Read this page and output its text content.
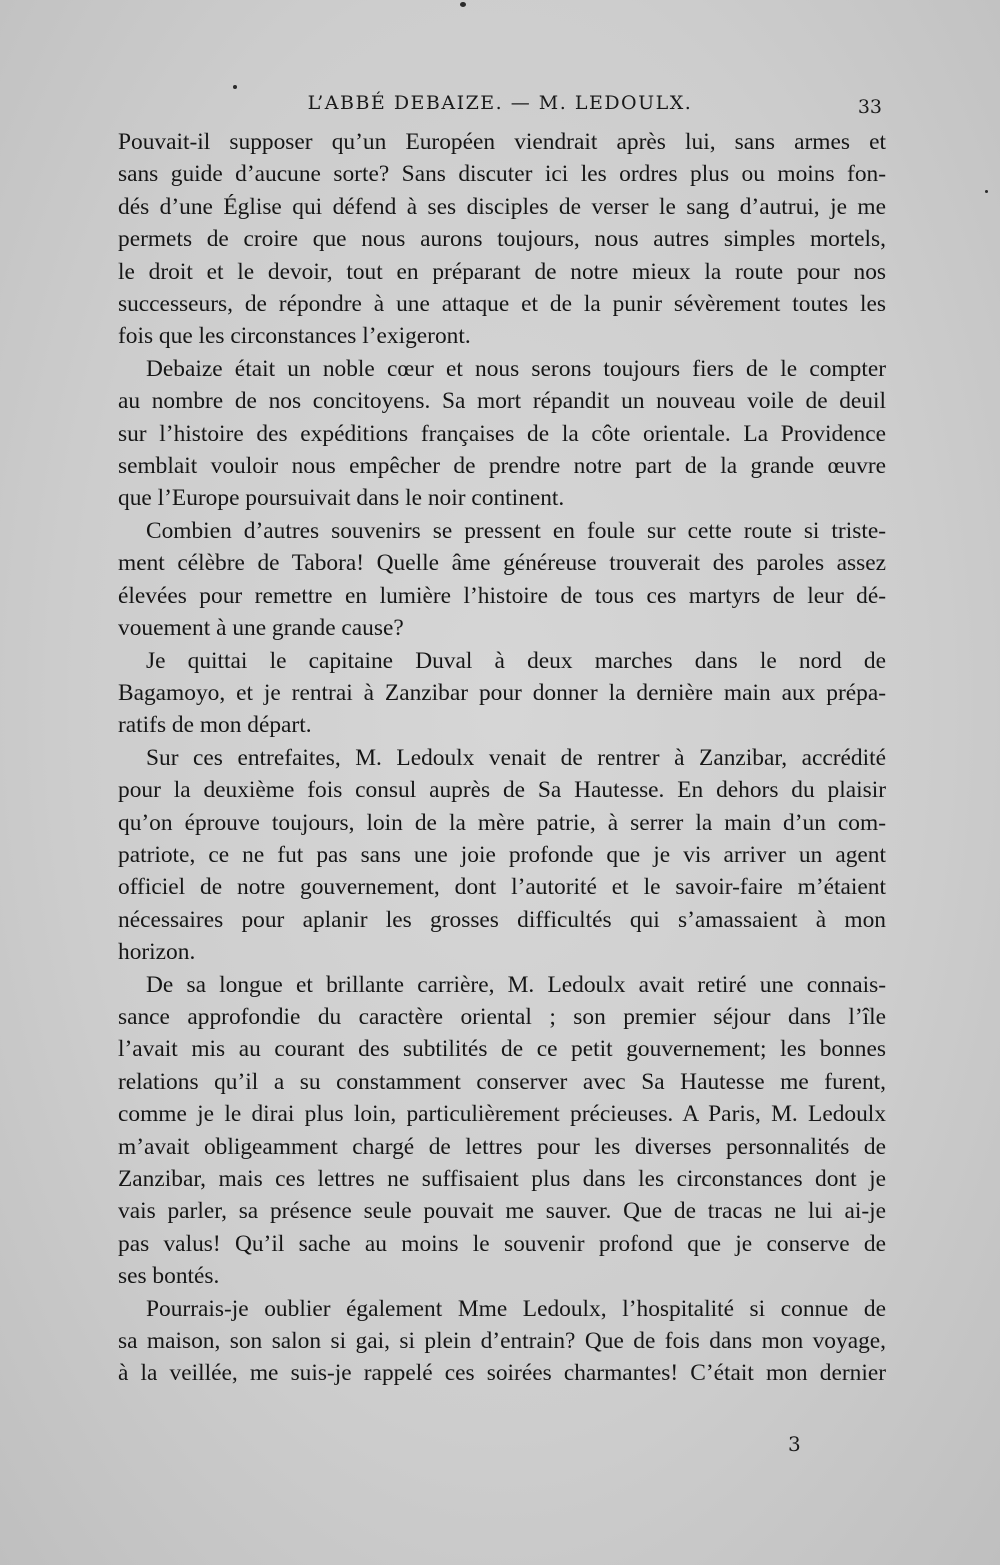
L’ABBÉ DEBAIZE. — M. LEDOULX.	33

Pouvait-il supposer qu’un Européen viendrait après lui, sans armes et
sans guide d’aucune sorte? Sans discuter ici les ordres plus ou moins fon-
dés d’une Église qui défend à ses disciples de verser le sang d’autrui, je me
permets de croire que nous aurons toujours, nous autres simples mortels,
le droit et le devoir, tout en préparant de notre mieux la route pour nos
successeurs, de répondre à une attaque et de la punir sévèrement toutes les
fois que les circonstances l’exigeront.

Debaize était un noble cœur et nous serons toujours fiers de le compter
au nombre de nos concitoyens. Sa mort répandit un nouveau voile de deuil
sur l’histoire des expéditions françaises de la côte orientale. La Providence
semblait vouloir nous empêcher de prendre notre part de la grande œuvre
que l’Europe poursuivait dans le noir continent.

Combien d’autres souvenirs se pressent en foule sur cette route si triste-
ment célèbre de Tabora! Quelle âme généreuse trouverait des paroles assez
élevées pour remettre en lumière l’histoire de tous ces martyrs de leur dé-
vouement à une grande cause?

Je quittai le capitaine Duval à deux marches dans le nord de
Bagamoyo, et je rentrai à Zanzibar pour donner la dernière main aux prépa-
ratifs de mon départ.

Sur ces entrefaites, M. Ledoulx venait de rentrer à Zanzibar, accrédité
pour la deuxième fois consul auprès de Sa Hautesse. En dehors du plaisir
qu’on éprouve toujours, loin de la mère patrie, à serrer la main d’un com-
patriote, ce ne fut pas sans une joie profonde que je vis arriver un agent
officiel de notre gouvernement, dont l’autorité et le savoir-faire m’étaient
nécessaires pour aplanir les grosses difficultés qui s’amassaient à mon
horizon.

De sa longue et brillante carrière, M. Ledoulx avait retiré une connais-
sance approfondie du caractère oriental ; son premier séjour dans l’île
l’avait mis au courant des subtilités de ce petit gouvernement; les bonnes
relations qu’il a su constamment conserver avec Sa Hautesse me furent,
comme je le dirai plus loin, particulièrement précieuses. A Paris, M. Ledoulx
m’avait obligeamment chargé de lettres pour les diverses personnalités de
Zanzibar, mais ces lettres ne suffisaient plus dans les circonstances dont je
vais parler, sa présence seule pouvait me sauver. Que de tracas ne lui ai-je
pas valus! Qu’il sache au moins le souvenir profond que je conserve de
ses bontés.

Pourrais-je oublier également Mme Ledoulx, l’hospitalité si connue de
sa maison, son salon si gai, si plein d’entrain? Que de fois dans mon voyage,
à la veillée, me suis-je rappelé ces soirées charmantes! C’était mon dernier

3
